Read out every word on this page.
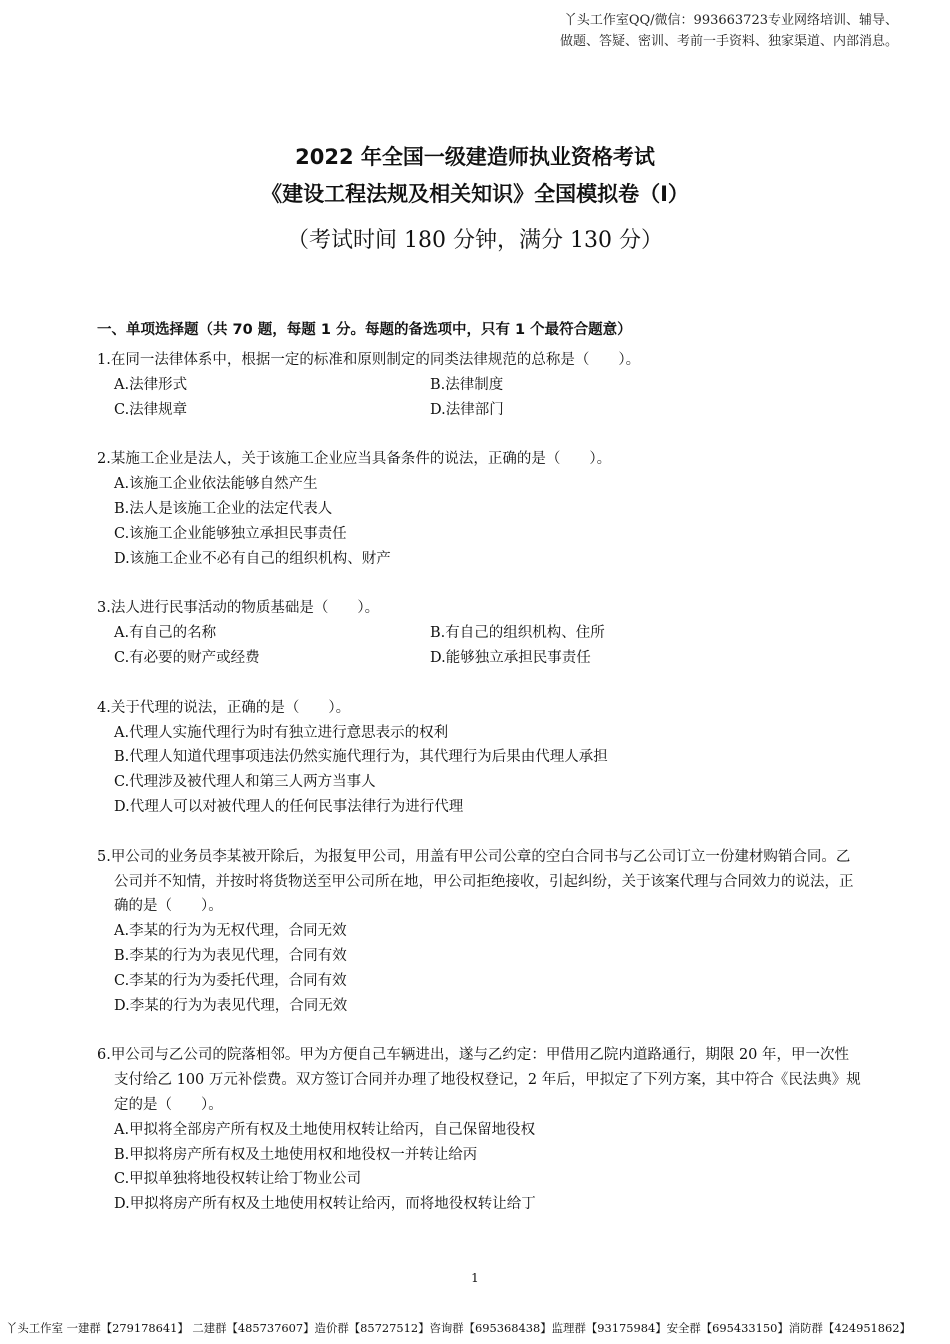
丫头工作室QQ/微信：993663723专业网络培训、辅导、
做题、答疑、密训、考前一手资料、独家渠道、内部消息。
2022 年全国一级建造师执业资格考试
《建设工程法规及相关知识》全国模拟卷（Ⅰ）
（考试时间 180 分钟，满分 130 分）
一、单项选择题（共 70 题，每题 1 分。每题的备选项中，只有 1 个最符合题意）
1.在同一法律体系中，根据一定的标准和原则制定的同类法律规范的总称是（　　）。
A.法律形式	B.法律制度
C.法律规章	D.法律部门
2.某施工企业是法人，关于该施工企业应当具备条件的说法，正确的是（　　）。
A.该施工企业依法能够自然产生
B.法人是该施工企业的法定代表人
C.该施工企业能够独立承担民事责任
D.该施工企业不必有自己的组织机构、财产
3.法人进行民事活动的物质基础是（　　）。
A.有自己的名称	B.有自己的组织机构、住所
C.有必要的财产或经费	D.能够独立承担民事责任
4.关于代理的说法，正确的是（　　）。
A.代理人实施代理行为时有独立进行意思表示的权利
B.代理人知道代理事项违法仍然实施代理行为，其代理行为后果由代理人承担
C.代理涉及被代理人和第三人两方当事人
D.代理人可以对被代理人的任何民事法律行为进行代理
5.甲公司的业务员李某被开除后，为报复甲公司，用盖有甲公司公章的空白合同书与乙公司订立一份建材购销合同。乙公司并不知情，并按时将货物送至甲公司所在地，甲公司拒绝接收，引起纠纷，关于该案代理与合同效力的说法，正确的是（　　）。
A.李某的行为为无权代理，合同无效
B.李某的行为为表见代理，合同有效
C.李某的行为为委托代理，合同有效
D.李某的行为为表见代理，合同无效
6.甲公司与乙公司的院落相邻。甲为方便自己车辆进出，遂与乙约定：甲借用乙院内道路通行，期限 20 年，甲一次性支付给乙 100 万元补偿费。双方签订合同并办理了地役权登记，2 年后，甲拟定了下列方案，其中符合《民法典》规定的是（　　）。
A.甲拟将全部房产所有权及土地使用权转让给丙，自己保留地役权
B.甲拟将房产所有权及土地使用权和地役权一并转让给丙
C.甲拟单独将地役权转让给丁物业公司
D.甲拟将房产所有权及土地使用权转让给丙，而将地役权转让给丁
1
丫头工作室 一建群【279178641】 二建群【485737607】造价群【85727512】咨询群【695368438】监理群【93175984】安全群【695433150】消防群【424951862】
